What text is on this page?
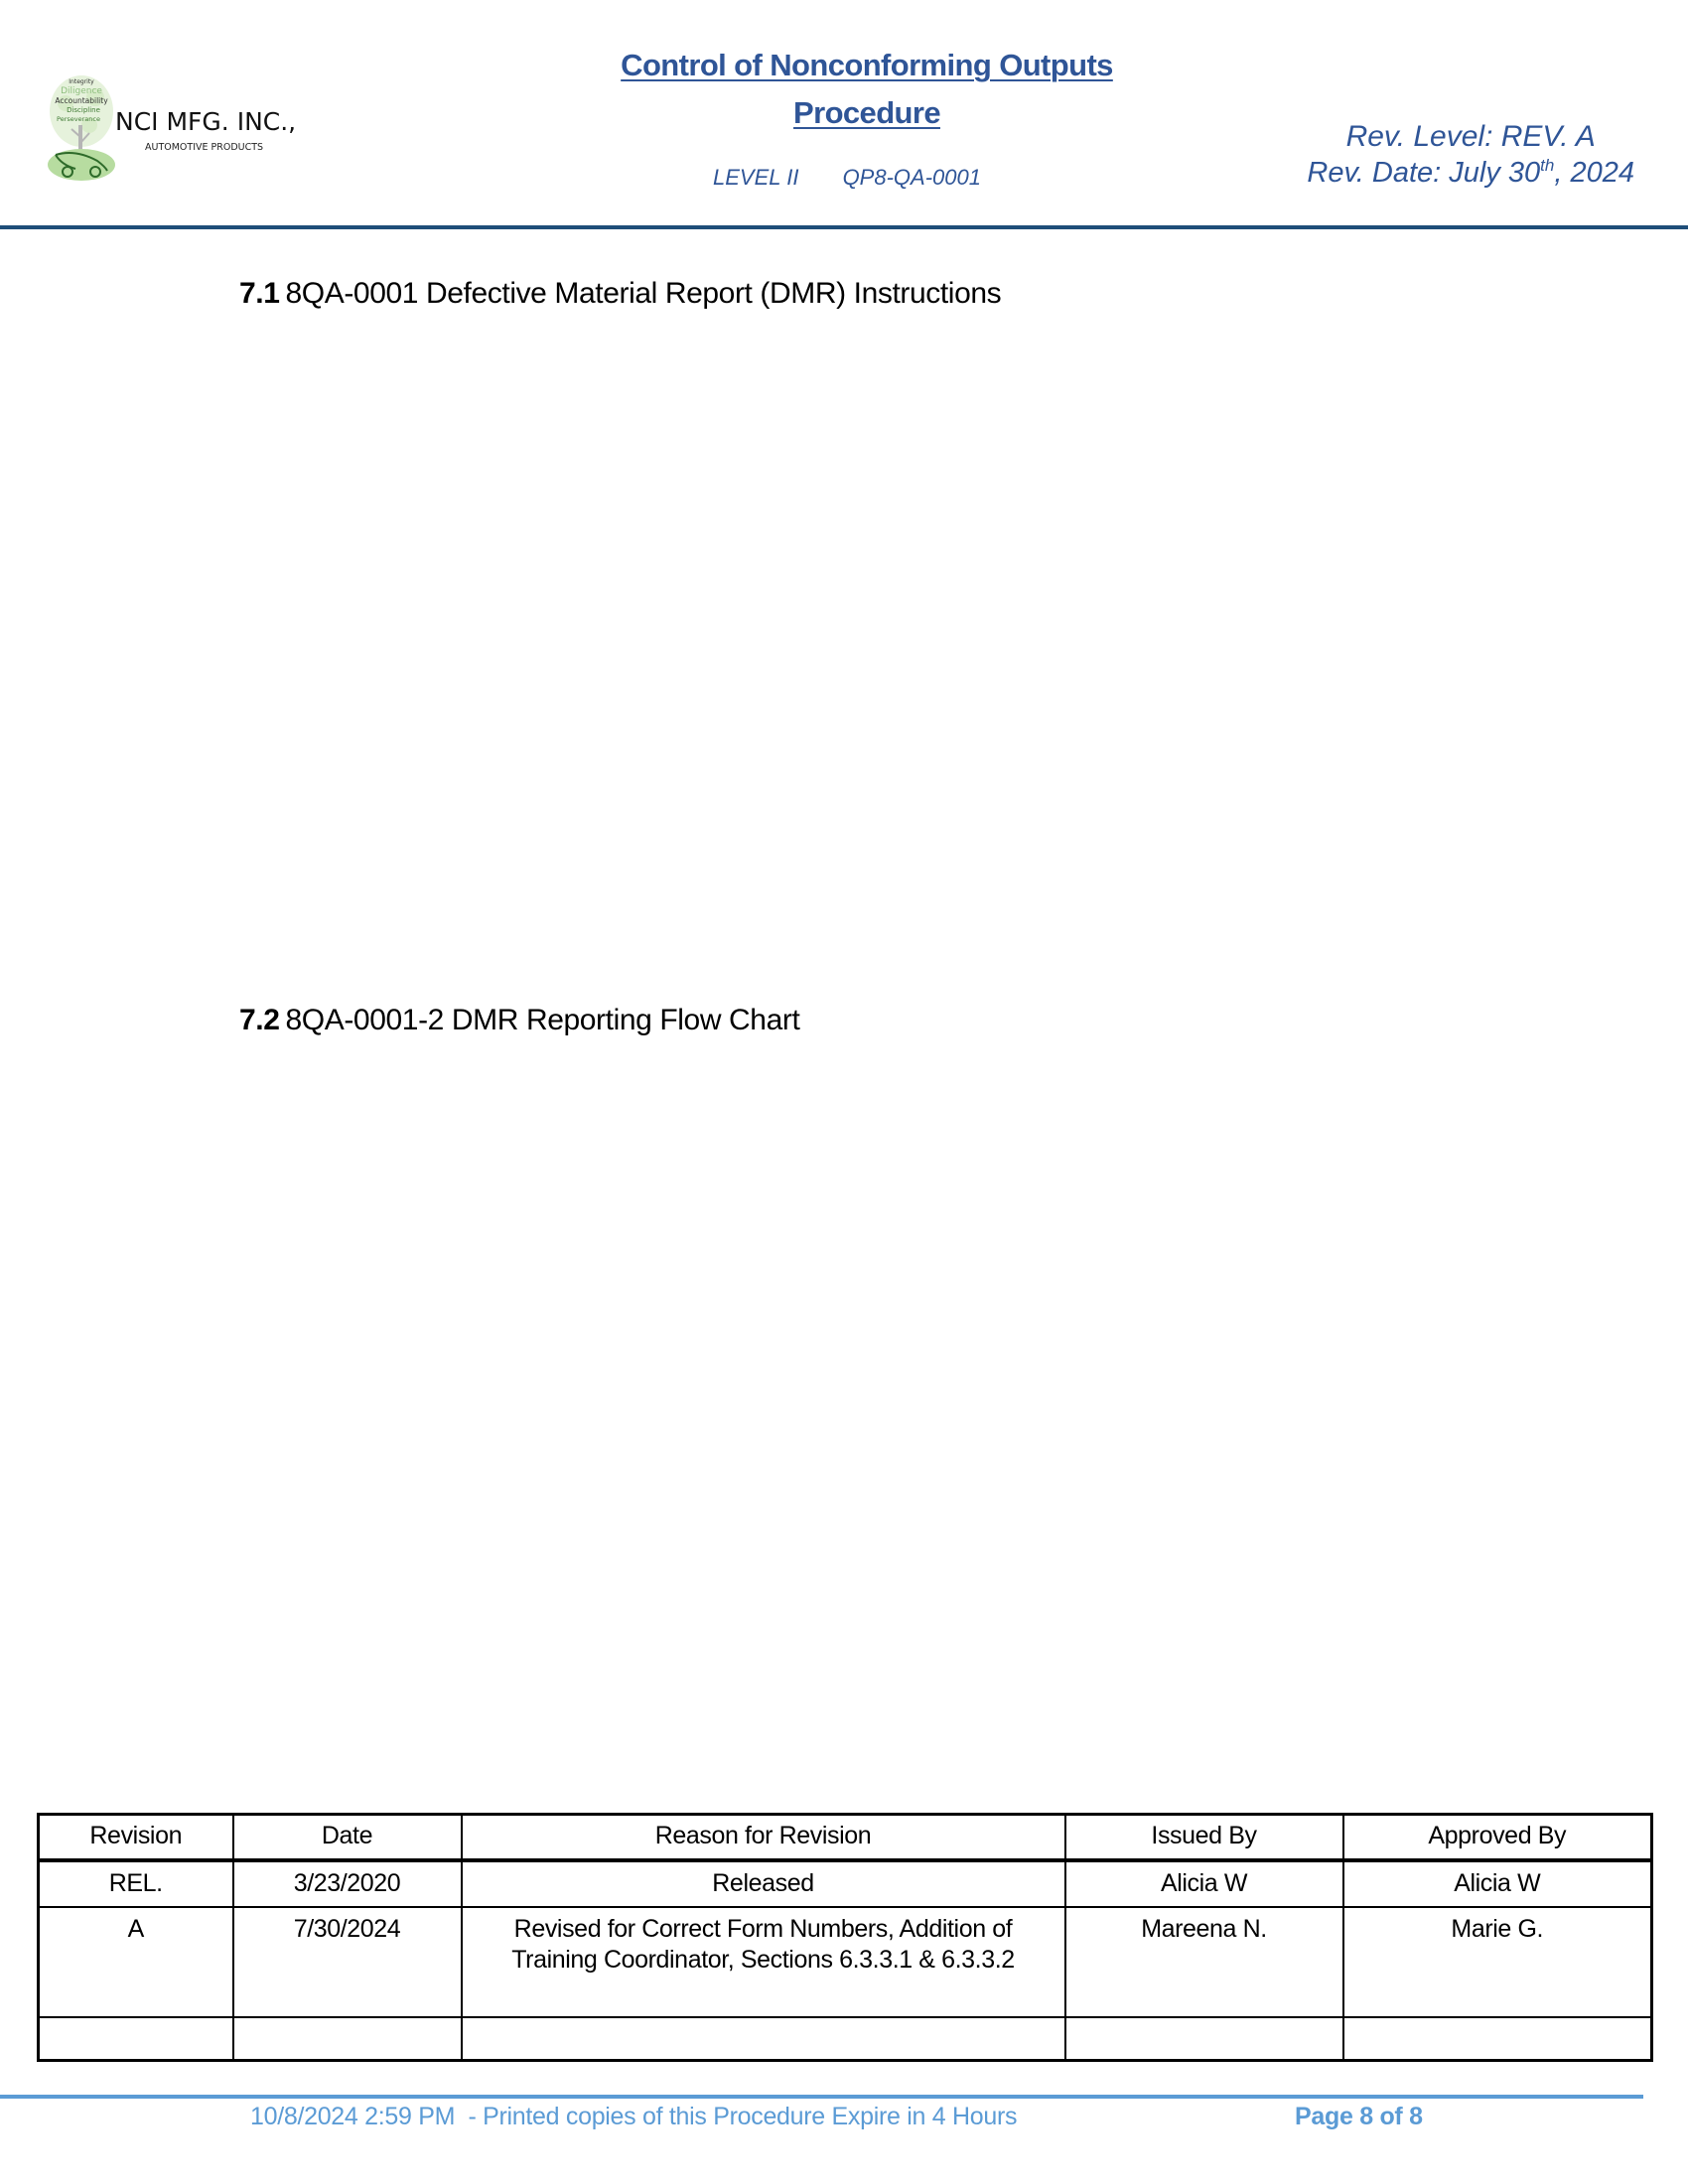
Integrity
Diligence
Accountability
Discipline
Perseverance NCI MFG. INC.,
AUTOMOTIVE PRODUCTS
Control of Nonconforming Outputs
Procedure
LEVEL II QP8-QA-0001
Rev. Level: REV. A
Rev. Date: July 30th, 2024
7.1 8QA-0001 Defective Material Report (DMR) Instructions
7.2 8QA-0001-2 DMR Reporting Flow Chart
Revision	Date	Reason for Revision	Issued By	Approved By
REL.	3/23/2020	Released	Alicia W	Alicia W
A	7/30/2024	Revised for Correct Form Numbers, Addition of Training Coordinator, Sections 6.3.3.1 & 6.3.3.2	Mareena N.	Marie G.

10/8/2024 2:59 PM  - Printed copies of this Procedure Expire in 4 Hours	Page 8 of 8
